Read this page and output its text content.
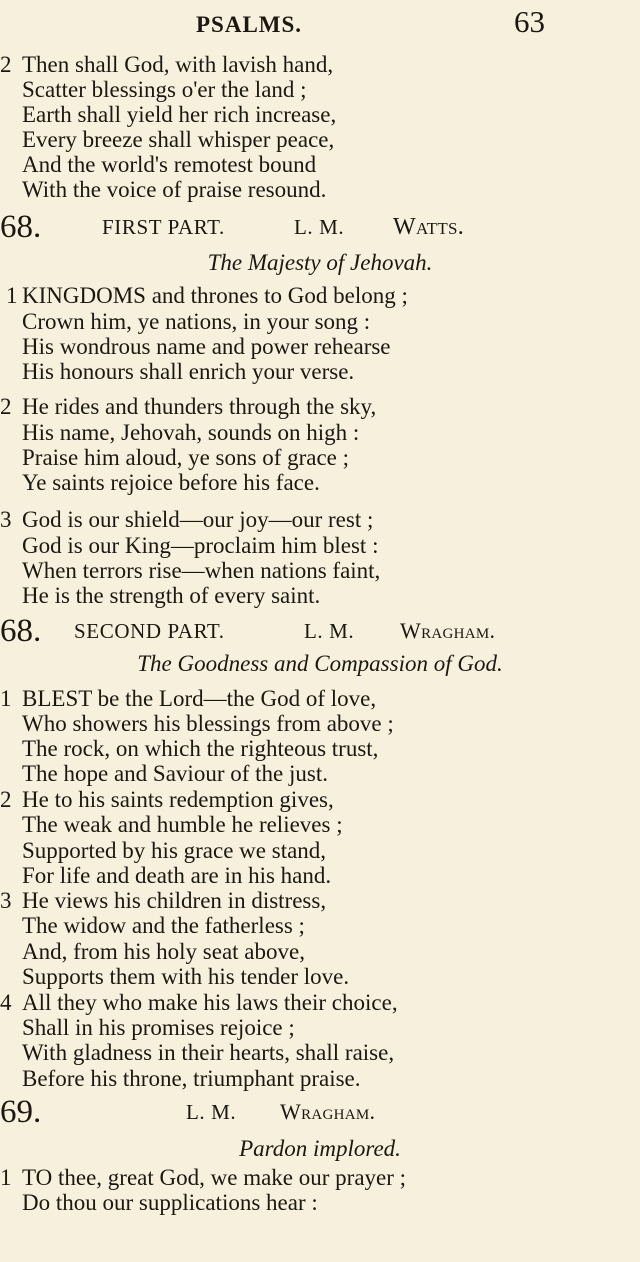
PSALMS.	63
2 Then shall God, with lavish hand,
Scatter blessings o'er the land ;
Earth shall yield her rich increase,
Every breeze shall whisper peace,
And the world's remotest bound
With the voice of praise resound.
68.	FIRST PART.	L. M. Watts.
The Majesty of Jehovah.
1 KINGDOMS and thrones to God belong ;
Crown him, ye nations, in your song :
His wondrous name and power rehearse
His honours shall enrich your verse.
2 He rides and thunders through the sky,
His name, Jehovah, sounds on high :
Praise him aloud, ye sons of grace ;
Ye saints rejoice before his face.
3 God is our shield—our joy—our rest ;
God is our King—proclaim him blest :
When terrors rise—when nations faint,
He is the strength of every saint.
68. SECOND PART.	L. M. Wragham.
The Goodness and Compassion of God.
1 BLEST be the Lord—the God of love,
Who showers his blessings from above ;
The rock, on which the righteous trust,
The hope and Saviour of the just.
2 He to his saints redemption gives,
The weak and humble he relieves ;
Supported by his grace we stand,
For life and death are in his hand.
3 He views his children in distress,
The widow and the fatherless ;
And, from his holy seat above,
Supports them with his tender love.
4 All they who make his laws their choice,
Shall in his promises rejoice ;
With gladness in their hearts, shall raise,
Before his throne, triumphant praise.
69.	L. M. Wragham.
Pardon implored.
1 TO thee, great God, we make our prayer ;
Do thou our supplications hear :
